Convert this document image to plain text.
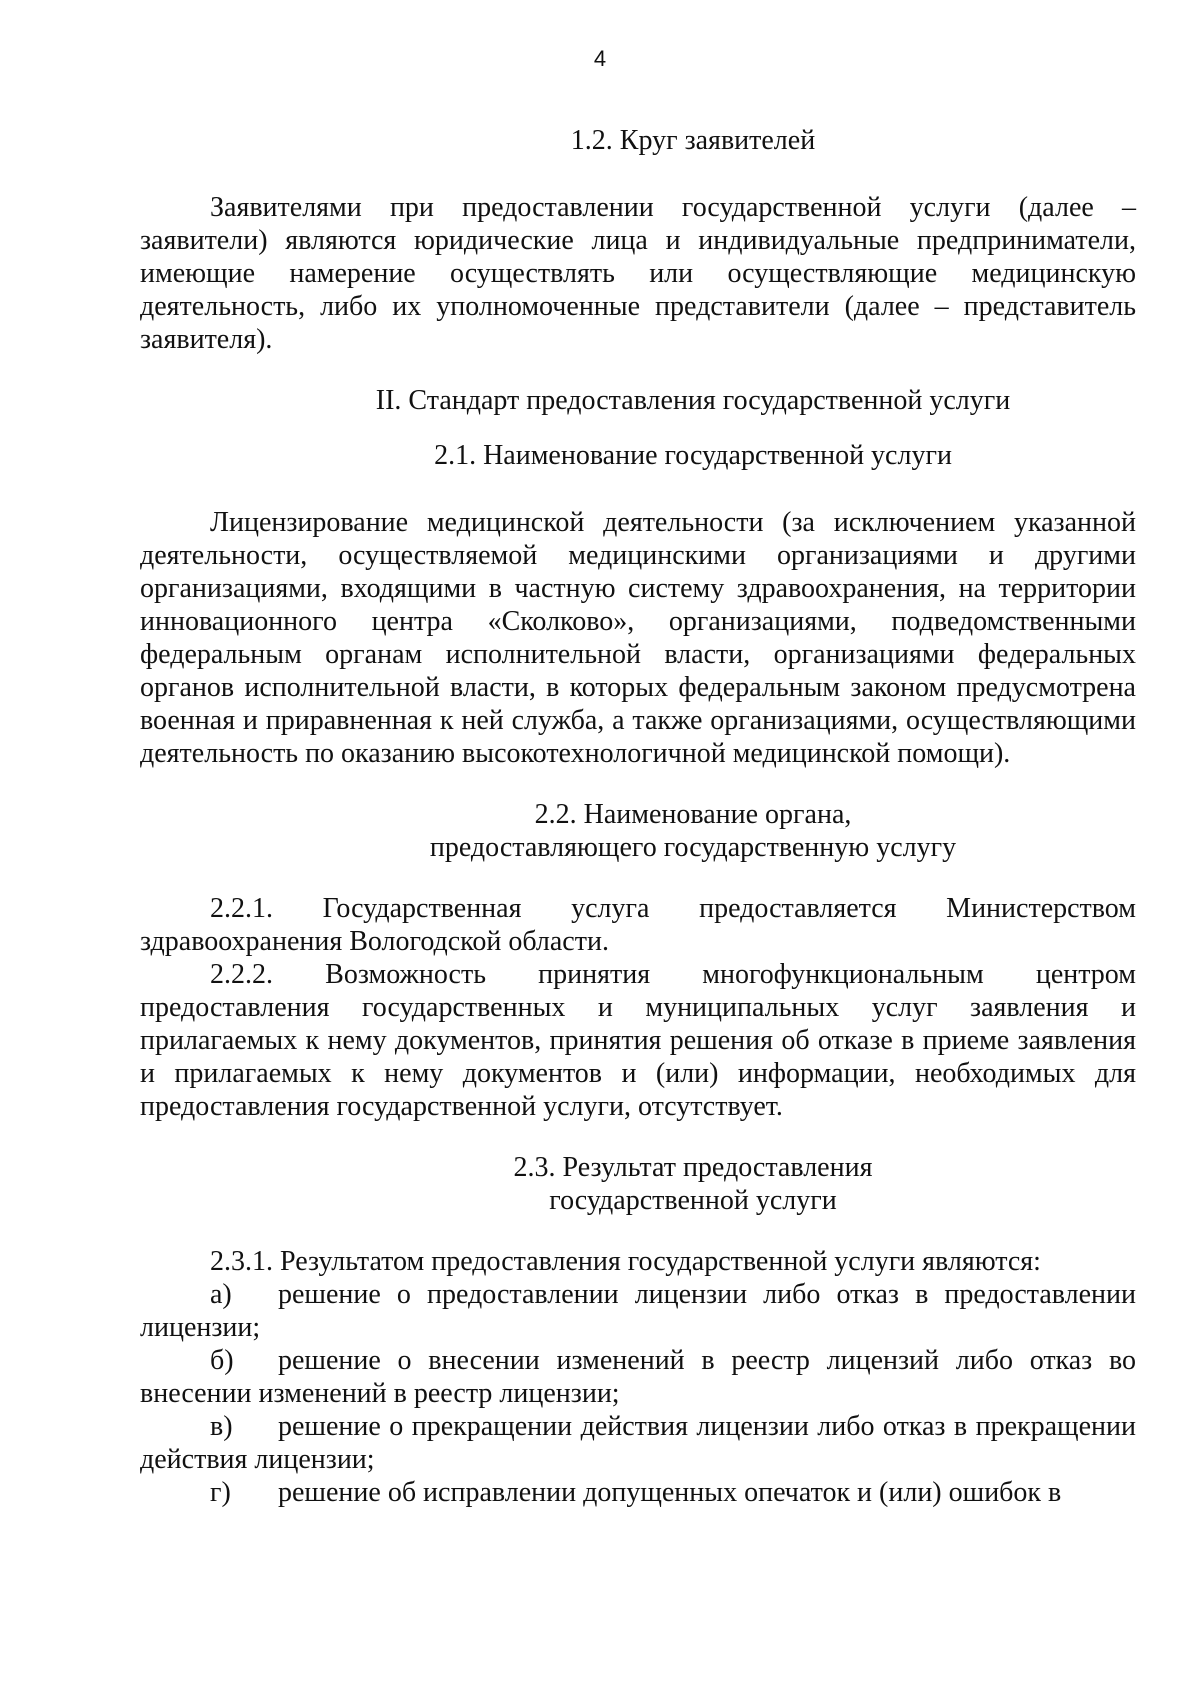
4

1.2. Круг заявителей

Заявителями при предоставлении государственной услуги (далее – заявители) являются юридические лица и индивидуальные предприниматели, имеющие намерение осуществлять или осуществляющие медицинскую деятельность, либо их уполномоченные представители (далее – представитель заявителя).

II. Стандарт предоставления государственной услуги

2.1. Наименование государственной услуги

Лицензирование медицинской деятельности (за исключением указанной деятельности, осуществляемой медицинскими организациями и другими организациями, входящими в частную систему здравоохранения, на территории инновационного центра «Сколково», организациями, подведомственными федеральным органам исполнительной власти, организациями федеральных органов исполнительной власти, в которых федеральным законом предусмотрена военная и приравненная к ней служба, а также организациями, осуществляющими деятельность по оказанию высокотехнологичной медицинской помощи).

2.2. Наименование органа,

предоставляющего государственную услугу

2.2.1. Государственная услуга предоставляется Министерством здравоохранения Вологодской области.

2.2.2. Возможность принятия многофункциональным центром предоставления государственных и муниципальных услуг заявления и прилагаемых к нему документов, принятия решения об отказе в приеме заявления и прилагаемых к нему документов и (или) информации, необходимых для предоставления государственной услуги, отсутствует.

2.3. Результат предоставления

государственной услуги

2.3.1. Результатом предоставления государственной услуги являются:

а) решение о предоставлении лицензии либо отказ в предоставлении лицензии;

б) решение о внесении изменений в реестр лицензий либо отказ во внесении изменений в реестр лицензии;

в) решение о прекращении действия лицензии либо отказ в прекращении действия лицензии;

г) решение об исправлении допущенных опечаток и (или) ошибок в
